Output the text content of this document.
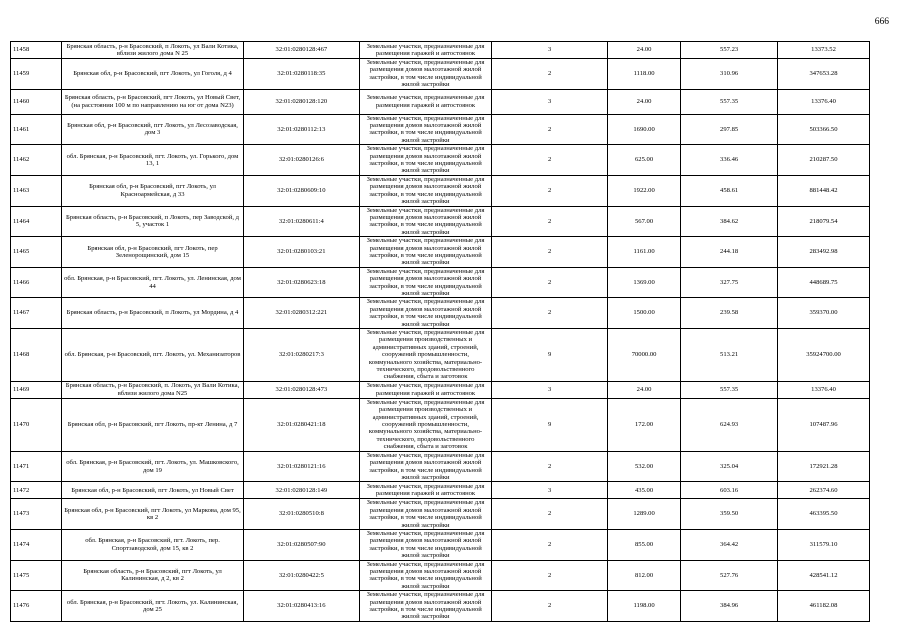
666
11458	Брянская область, р-н Брасовский, п Локоть, ул Вали Котика, вблизи жилого дома N 25	32:01:0280128:467	Земельные участки, предназначенные для размещения гаражей и автостоянок	3	24.00	557.23	13373.52
11459	Брянская обл, р-н Брасовский, пгт Локоть, ул Гоголя, д 4	32:01:0280118:35	Земельные участки, предназначенные для размещения домов малоэтажной жилой застройки, в том числе индивидуальной жилой застройки	2	1118.00	310.96	347653.28
11460	Брянская область, р-н Брасовский, пгт Локоть, ул Новый Свет, (на расстоянии 100 м по направлению на юг от дома N23)	32:01:0280128:120	Земельные участки, предназначенные для размещения гаражей и автостоянок	3	24.00	557.35	13376.40
11461	Брянская обл, р-н Брасовский, пгт Локоть, ул Лесозаводская, дом 3	32:01:0280112:13	Земельные участки, предназначенные для размещения домов малоэтажной жилой застройки, в том числе индивидуальной жилой застройки	2	1690.00	297.85	503366.50
11462	обл. Брянская, р-н Брасовский, пгт. Локоть, ул. Горького, дом 13, 1	32:01:0280126:6	Земельные участки, предназначенные для размещения домов малоэтажной жилой застройки, в том числе индивидуальной жилой застройки	2	625.00	336.46	210287.50
11463	Брянская обл, р-н Брасовский, пгт Локоть, ул Красноармейская, д 33	32:01:0280609:10	Земельные участки, предназначенные для размещения домов малоэтажной жилой застройки, в том числе индивидуальной жилой застройки	2	1922.00	458.61	881448.42
11464	Брянская область, р-н Брасовский, п Локоть, пер Заводской, д 5, участок 1	32:01:0280611:4	Земельные участки, предназначенные для размещения домов малоэтажной жилой застройки, в том числе индивидуальной жилой застройки	2	567.00	384.62	218079.54
11465	Брянская обл, р-н Брасовский, пгт Локоть, пер Зеленорощинский, дом 15	32:01:0280103:21	Земельные участки, предназначенные для размещения домов малоэтажной жилой застройки, в том числе индивидуальной жилой застройки	2	1161.00	244.18	283492.98
11466	обл. Брянская, р-н Брасовский, пгт. Локоть, ул. Ленинская, дом 44	32:01:0280623:18	Земельные участки, предназначенные для размещения домов малоэтажной жилой застройки, в том числе индивидуальной жилой застройки	2	1369.00	327.75	448689.75
11467	Брянская область, р-н Брасовский, п Локоть, ул Мордина, д 4	32:01:0280312:221	Земельные участки, предназначенные для размещения домов малоэтажной жилой застройки, в том числе индивидуальной жилой застройки	2	1500.00	239.58	359370.00
11468	обл. Брянская, р-н Брасовский, пгт. Локоть, ул. Механизаторов	32:01:0280217:3	Земельные участки, предназначенные для размещения производственных и административных зданий, строений, сооружений промышленности, коммунального хозяйства, материально-технического, продовольственного снабжения, сбыта и заготовок	9	70000.00	513.21	35924700.00
11469	Брянская область, р-н Брасовский, п. Локоть, ул Вали Котика, вблизи жилого дома N25	32:01:0280128:473	Земельные участки, предназначенные для размещения гаражей и автостоянок	3	24.00	557.35	13376.40
11470	Брянская обл, р-н Брасовский, пгт Локоть, пр-кт Ленина, д 7	32:01:0280421:18	Земельные участки, предназначенные для размещения производственных и административных зданий, строений, сооружений промышленности, коммунального хозяйства, материально-технического, продовольственного снабжения, сбыта и заготовок	9	172.00	624.93	107487.96
11471	обл. Брянская, р-н Брасовский, пгт. Локоть, ул. Машковского, дом 19	32:01:0280121:16	Земельные участки, предназначенные для размещения домов малоэтажной жилой застройки, в том числе индивидуальной жилой застройки	2	532.00	325.04	172921.28
11472	Брянская обл, р-н Брасовский, пгт Локоть, ул Новый Свет	32:01:0280128:149	Земельные участки, предназначенные для размещения гаражей и автостоянок	3	435.00	603.16	262374.60
11473	Брянская обл, р-н Брасовский, пгт Локоть, ул Маркова, дом 95, кв 2	32:01:0280510:8	Земельные участки, предназначенные для размещения домов малоэтажной жилой застройки, в том числе индивидуальной жилой застройки	2	1289.00	359.50	463395.50
11474	обл. Брянская, р-н Брасовский, пгт. Локоть, пер. Спортзаводской, дом 15, кв 2	32:01:0280507:90	Земельные участки, предназначенные для размещения домов малоэтажной жилой застройки, в том числе индивидуальной жилой застройки	2	855.00	364.42	311579.10
11475	Брянская область, р-н Брасовский, пгт Локоть, ул Калининская, д 2, кв 2	32:01:0280422:5	Земельные участки, предназначенные для размещения домов малоэтажной жилой застройки, в том числе индивидуальной жилой застройки	2	812.00	527.76	428541.12
11476	обл. Брянская, р-н Брасовский, пгт. Локоть, ул. Калининская, дом 25	32:01:0280413:16	Земельные участки, предназначенные для размещения домов малоэтажной жилой застройки, в том числе индивидуальной жилой застройки	2	1198.00	384.96	461182.08
